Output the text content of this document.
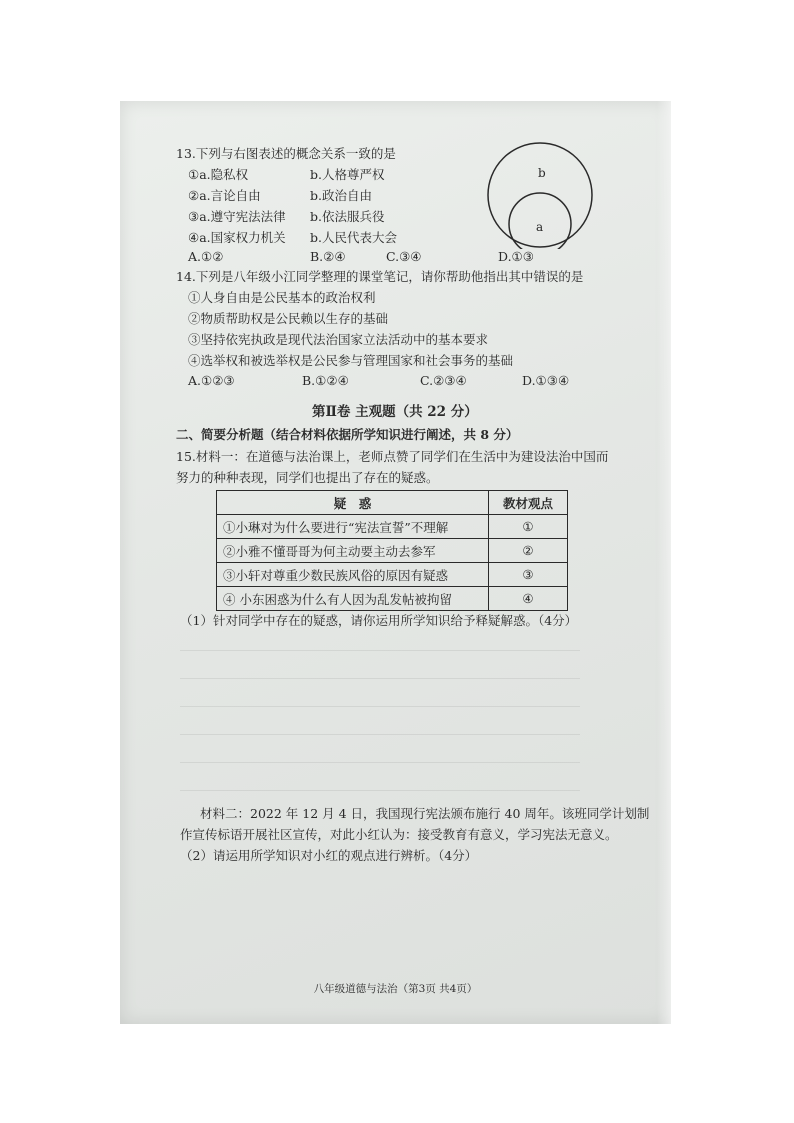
13.下列与右图表述的概念关系一致的是
①a.隐私权	b.人格尊严权
②a.言论自由	b.政治自由
③a.遵守宪法法律 b.依法服兵役
④a.国家权力机关 b.人民代表大会
A.①②	B.②④	C.③④	D.①③
b
a
14.下列是八年级小江同学整理的课堂笔记，请你帮助他指出其中错误的是
①人身自由是公民基本的政治权利
②物质帮助权是公民赖以生存的基础
③坚持依宪执政是现代法治国家立法活动中的基本要求
④选举权和被选举权是公民参与管理国家和社会事务的基础
A.①②③	B.①②④	C.②③④	D.①③④
第Ⅱ卷 主观题（共 22 分）
二、简要分析题（结合材料依据所学知识进行阐述，共 8 分）
15.材料一：在道德与法治课上，老师点赞了同学们在生活中为建设法治中国而
努力的种种表现，同学们也提出了存在的疑惑。
疑　惑	教材观点
①小琳对为什么要进行“宪法宣誓”不理解	①
②小雅不懂哥哥为何主动要主动去参军	②
③小轩对尊重少数民族风俗的原因有疑惑	③
④ 小东困惑为什么有人因为乱发帖被拘留	④
（1）针对同学中存在的疑惑，请你运用所学知识给予释疑解惑。（4分）
材料二：2022 年 12 月 4 日，我国现行宪法颁布施行 40 周年。该班同学计划制
作宣传标语开展社区宣传，对此小红认为：接受教育有意义，学习宪法无意义。
（2）请运用所学知识对小红的观点进行辨析。（4分）
八年级道德与法治（第3页 共4页）
